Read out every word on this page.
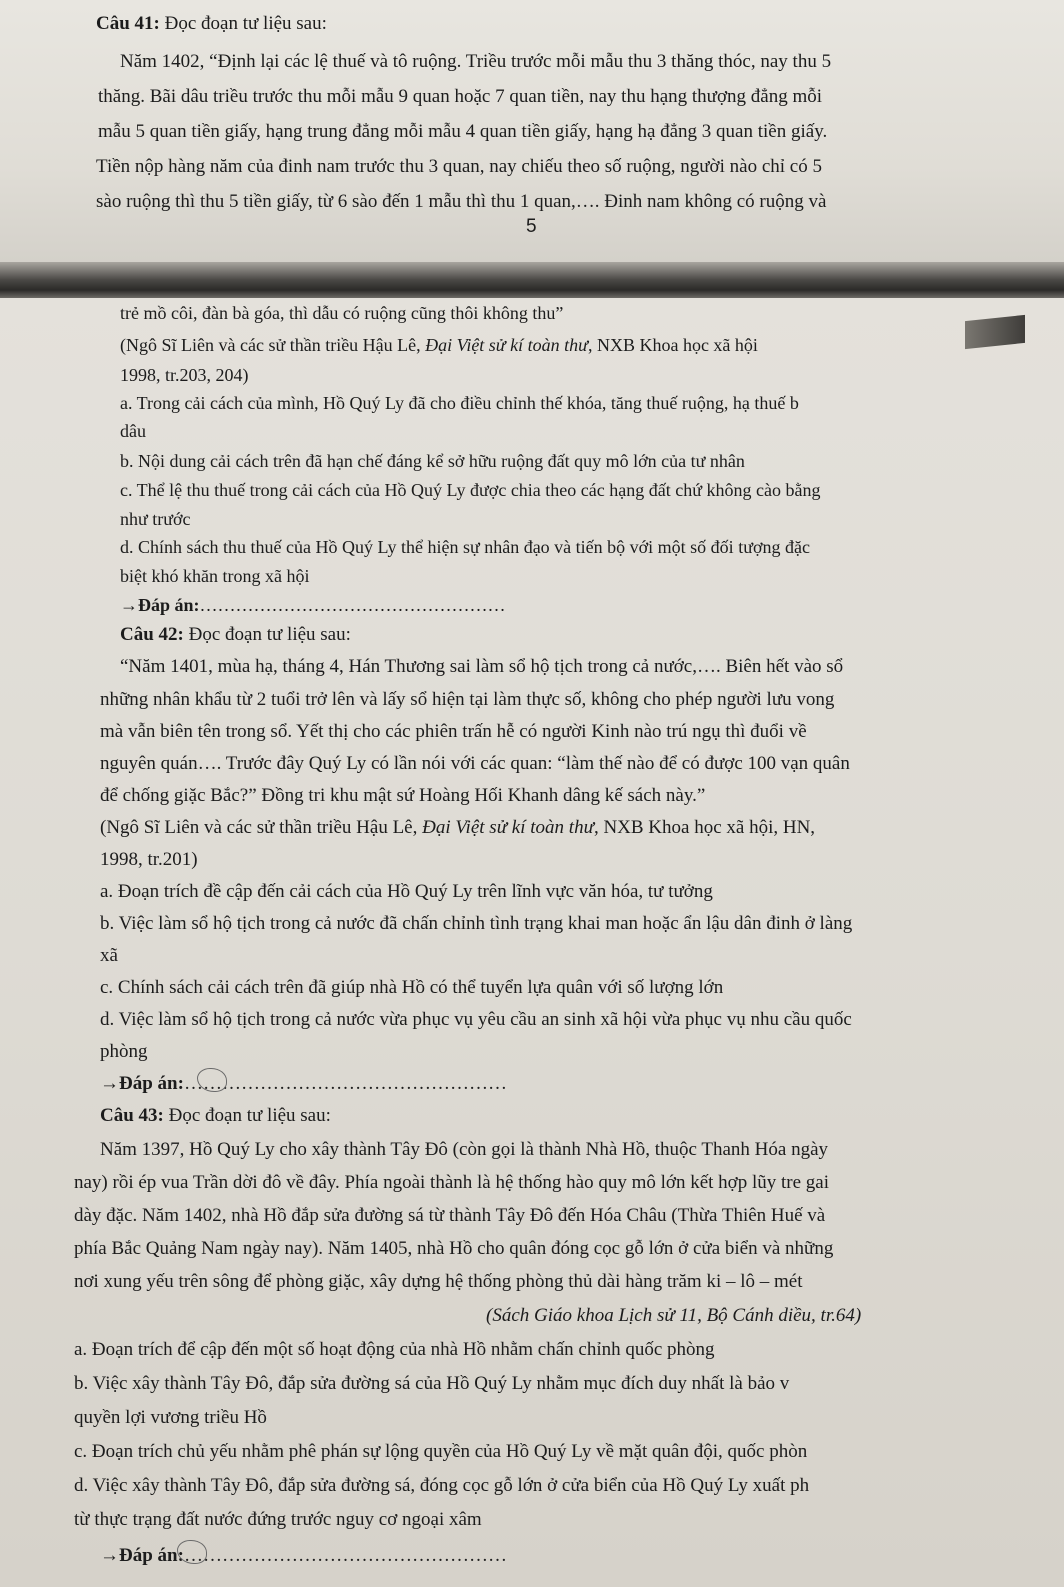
Câu 41: Đọc đoạn tư liệu sau:
Năm 1402, “Định lại các lệ thuế và tô ruộng. Triều trước mỗi mẫu thu 3 thăng thóc, nay thu 5
thăng. Bãi dâu triều trước thu mỗi mẫu 9 quan hoặc 7 quan tiền, nay thu hạng thượng đẳng mỗi
mẫu 5 quan tiền giấy, hạng trung đẳng mỗi mẫu 4 quan tiền giấy, hạng hạ đẳng 3 quan tiền giấy.
Tiền nộp hàng năm của đinh nam trước thu 3 quan, nay chiếu theo số ruộng, người nào chỉ có 5
sào ruộng thì thu 5 tiền giấy, từ 6 sào đến 1 mẫu thì thu 1 quan,…. Đinh nam không có ruộng và
5
trẻ mồ côi, đàn bà góa, thì dẫu có ruộng cũng thôi không thu”
(Ngô Sĩ Liên và các sử thần triều Hậu Lê, Đại Việt sử kí toàn thư, NXB Khoa học xã hội
1998, tr.203, 204)
a. Trong cải cách của mình, Hồ Quý Ly đã cho điều chỉnh thế khóa, tăng thuế ruộng, hạ thuế b
dâu
b. Nội dung cải cách trên đã hạn chế đáng kể sở hữu ruộng đất quy mô lớn của tư nhân
c. Thể lệ thu thuế trong cải cách của Hồ Quý Ly được chia theo các hạng đất chứ không cào bằng
như trước
d. Chính sách thu thuế của Hồ Quý Ly thể hiện sự nhân đạo và tiến bộ với một số đối tượng đặc
biệt khó khăn trong xã hội
→Đáp án:……………………………………………
Câu 42: Đọc đoạn tư liệu sau:
“Năm 1401, mùa hạ, tháng 4, Hán Thương sai làm sổ hộ tịch trong cả nước,…. Biên hết vào sổ
những nhân khẩu từ 2 tuổi trở lên và lấy sổ hiện tại làm thực số, không cho phép người lưu vong
mà vẫn biên tên trong sổ. Yết thị cho các phiên trấn hễ có người Kinh nào trú ngụ thì đuổi về
nguyên quán…. Trước đây Quý Ly có lần nói với các quan: “làm thế nào để có được 100 vạn quân
để chống giặc Bắc?” Đồng tri khu mật sứ Hoàng Hối Khanh dâng kế sách này.”
(Ngô Sĩ Liên và các sử thần triều Hậu Lê, Đại Việt sử kí toàn thư, NXB Khoa học xã hội, HN,
1998, tr.201)
a. Đoạn trích đề cập đến cải cách của Hồ Quý Ly trên lĩnh vực văn hóa, tư tưởng
b. Việc làm sổ hộ tịch trong cả nước đã chấn chỉnh tình trạng khai man hoặc ẩn lậu dân đinh ở làng
xã
c. Chính sách cải cách trên đã giúp nhà Hồ có thể tuyển lựa quân với số lượng lớn
d. Việc làm sổ hộ tịch trong cả nước vừa phục vụ yêu cầu an sinh xã hội vừa phục vụ nhu cầu quốc
phòng
→Đáp án:……………………………………………
Câu 43: Đọc đoạn tư liệu sau:
Năm 1397, Hồ Quý Ly cho xây thành Tây Đô (còn gọi là thành Nhà Hồ, thuộc Thanh Hóa ngày
nay) rồi ép vua Trần dời đô về đây. Phía ngoài thành là hệ thống hào quy mô lớn kết hợp lũy tre gai
dày đặc. Năm 1402, nhà Hồ đắp sửa đường sá từ thành Tây Đô đến Hóa Châu (Thừa Thiên Huế và
phía Bắc Quảng Nam ngày nay). Năm 1405, nhà Hồ cho quân đóng cọc gỗ lớn ở cửa biển và những
nơi xung yếu trên sông để phòng giặc, xây dựng hệ thống phòng thủ dài hàng trăm ki – lô – mét
(Sách Giáo khoa Lịch sử 11, Bộ Cánh diều, tr.64)
a. Đoạn trích để cập đến một số hoạt động của nhà Hồ nhằm chấn chỉnh quốc phòng
b. Việc xây thành Tây Đô, đắp sửa đường sá của Hồ Quý Ly nhằm mục đích duy nhất là bảo v
quyền lợi vương triều Hồ
c. Đoạn trích chủ yếu nhằm phê phán sự lộng quyền của Hồ Quý Ly về mặt quân đội, quốc phòn
d. Việc xây thành Tây Đô, đắp sửa đường sá, đóng cọc gỗ lớn ở cửa biển của Hồ Quý Ly xuất ph
từ thực trạng đất nước đứng trước nguy cơ ngoại xâm
→Đáp án:……………………………………………
